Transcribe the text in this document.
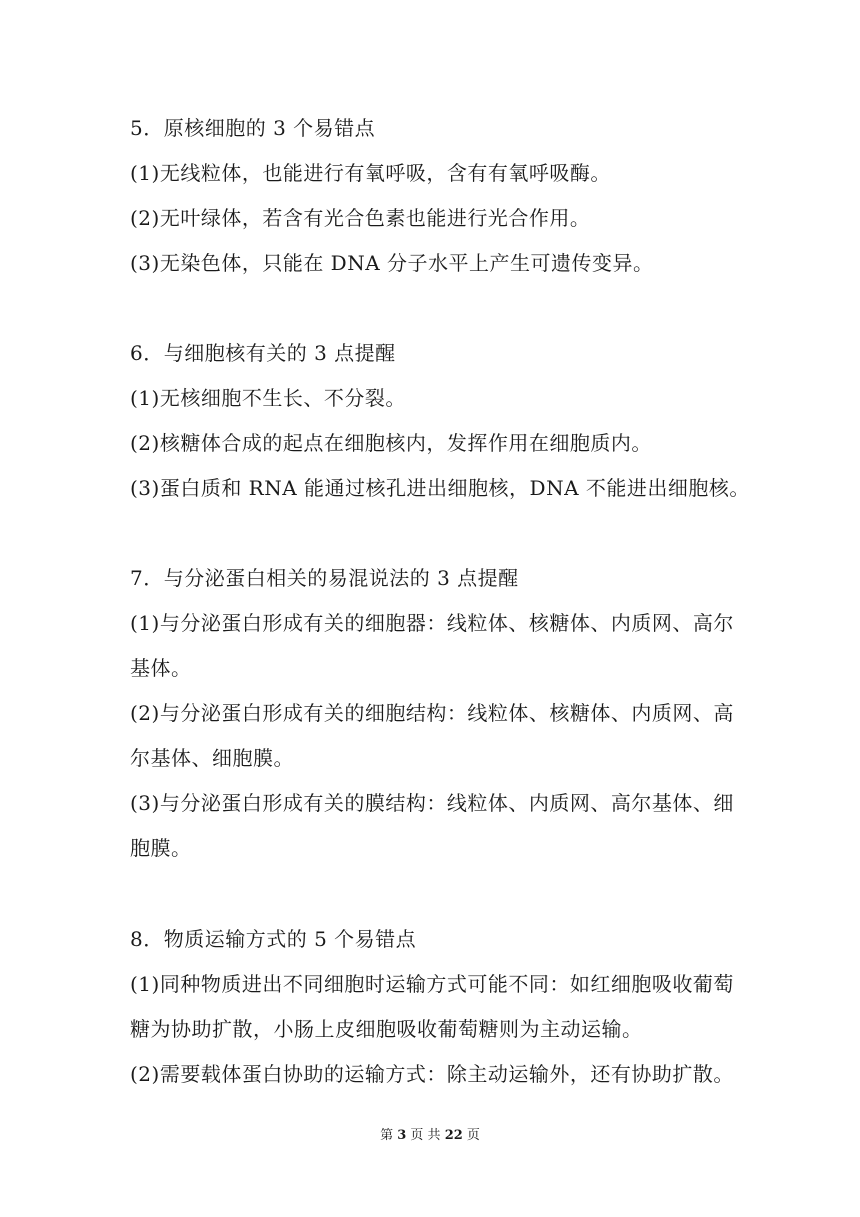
5．原核细胞的 3 个易错点
(1)无线粒体，也能进行有氧呼吸，含有有氧呼吸酶。
(2)无叶绿体，若含有光合色素也能进行光合作用。
(3)无染色体，只能在 DNA 分子水平上产生可遗传变异。
6．与细胞核有关的 3 点提醒
(1)无核细胞不生长、不分裂。
(2)核糖体合成的起点在细胞核内，发挥作用在细胞质内。
(3)蛋白质和 RNA 能通过核孔进出细胞核，DNA 不能进出细胞核。
7．与分泌蛋白相关的易混说法的 3 点提醒
(1)与分泌蛋白形成有关的细胞器：线粒体、核糖体、内质网、高尔
基体。
(2)与分泌蛋白形成有关的细胞结构：线粒体、核糖体、内质网、高
尔基体、细胞膜。
(3)与分泌蛋白形成有关的膜结构：线粒体、内质网、高尔基体、细
胞膜。
8．物质运输方式的 5 个易错点
(1)同种物质进出不同细胞时运输方式可能不同：如红细胞吸收葡萄
糖为协助扩散，小肠上皮细胞吸收葡萄糖则为主动运输。
(2)需要载体蛋白协助的运输方式：除主动运输外，还有协助扩散。
第 3 页 共 22 页
